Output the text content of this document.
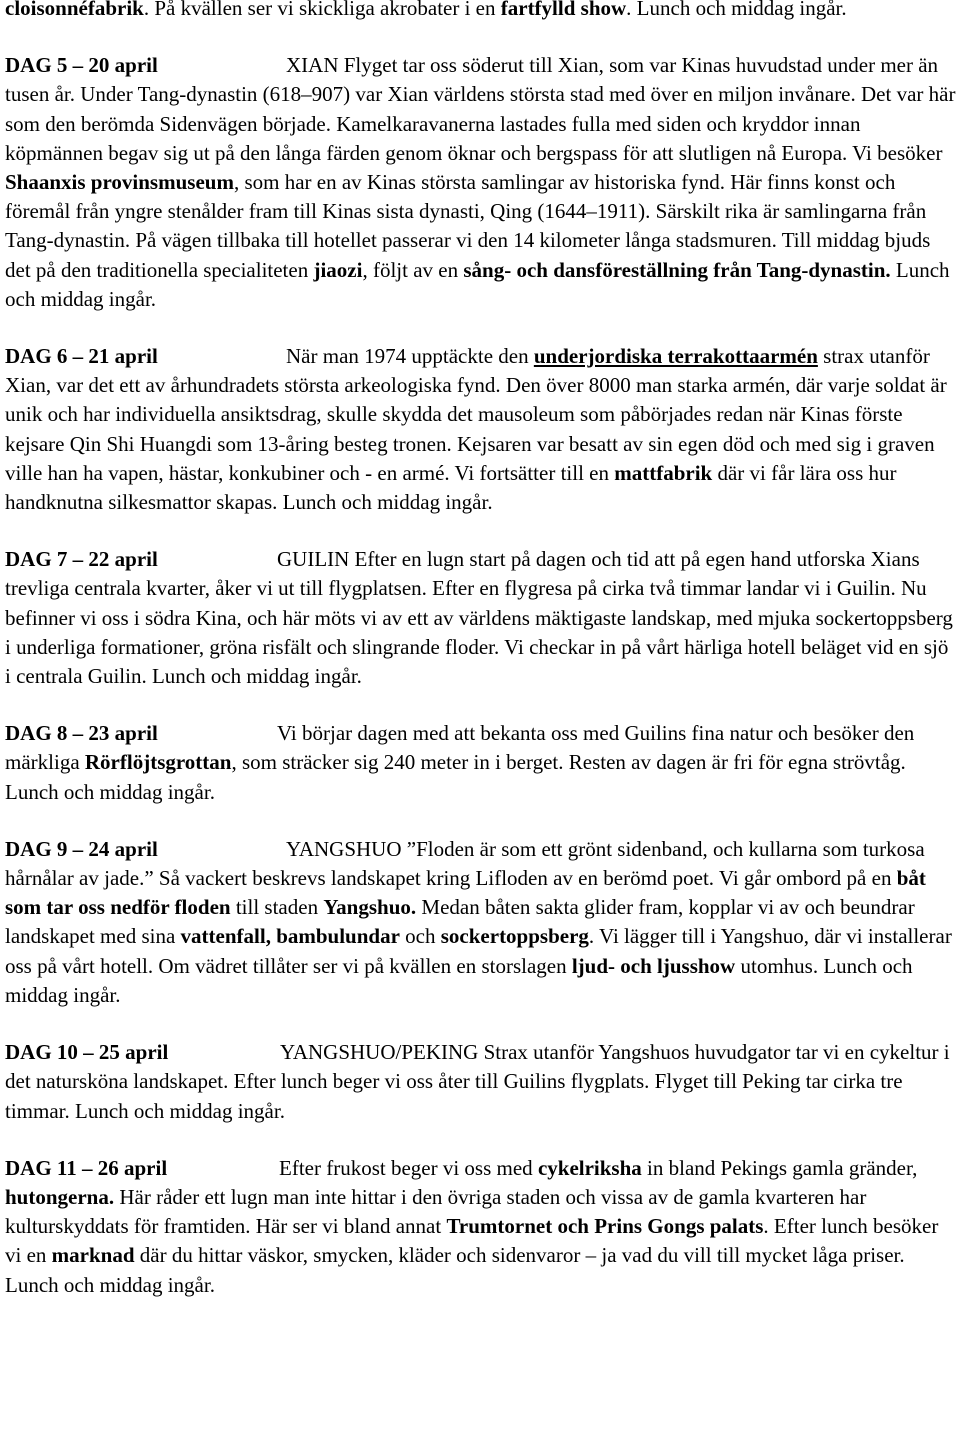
cloisonnéfabrik. På kvällen ser vi skickliga akrobater i en fartfylld show. Lunch och middag ingår.

DAG 5 – 20 april	XIAN Flyget tar oss söderut till Xian, som var Kinas huvudstad under mer än tusen år. Under Tang-dynastin (618–907) var Xian världens största stad med över en miljon invånare. Det var här som den berömda Sidenvägen började. Kamelkaravanerna lastades fulla med siden och kryddor innan köpmännen begav sig ut på den långa färden genom öknar och bergspass för att slutligen nå Europa. Vi besöker Shaanxis provinsmuseum, som har en av Kinas största samlingar av historiska fynd. Här finns konst och föremål från yngre stenålder fram till Kinas sista dynasti, Qing (1644–1911). Särskilt rika är samlingarna från Tang-dynastin. På vägen tillbaka till hotellet passerar vi den 14 kilometer långa stadsmuren. Till middag bjuds det på den traditionella specialiteten jiaozi, följt av en sång- och dansföreställning från Tang-dynastin. Lunch och middag ingår.

DAG 6 – 21 april	När man 1974 upptäckte den underjordiska terrakottaarmén strax utanför Xian, var det ett av århundradets största arkeologiska fynd. Den över 8000 man starka armén, där varje soldat är unik och har individuella ansiktsdrag, skulle skydda det mausoleum som påbörjades redan när Kinas förste kejsare Qin Shi Huangdi som 13-åring besteg tronen. Kejsaren var besatt av sin egen död och med sig i graven ville han ha vapen, hästar, konkubiner och - en armé. Vi fortsätter till en mattfabrik där vi får lära oss hur handknutna silkesmattor skapas. Lunch och middag ingår.

DAG 7 – 22 april	GUILIN Efter en lugn start på dagen och tid att på egen hand utforska Xians trevliga centrala kvarter, åker vi ut till flygplatsen. Efter en flygresa på cirka två timmar landar vi i Guilin. Nu befinner vi oss i södra Kina, och här möts vi av ett av världens mäktigaste landskap, med mjuka sockertoppsberg i underliga formationer, gröna risfält och slingrande floder. Vi checkar in på vårt härliga hotell beläget vid en sjö i centrala Guilin. Lunch och middag ingår.

DAG 8 – 23 april	Vi börjar dagen med att bekanta oss med Guilins fina natur och besöker den märkliga Rörflöjtsgrottan, som sträcker sig 240 meter in i berget. Resten av dagen är fri för egna strövtåg. Lunch och middag ingår.

DAG 9 – 24 april	YANGSHUO ”Floden är som ett grönt sidenband, och kullarna som turkosa hårnålar av jade.” Så vackert beskrevs landskapet kring Lifloden av en berömd poet. Vi går ombord på en båt som tar oss nedför floden till staden Yangshuo. Medan båten sakta glider fram, kopplar vi av och beundrar landskapet med sina vattenfall, bambulundar och sockertoppsberg. Vi lägger till i Yangshuo, där vi installerar oss på vårt hotell. Om vädret tillåter ser vi på kvällen en storslagen ljud- och ljusshow utomhus. Lunch och middag ingår.

DAG 10 – 25 april	YANGSHUO/PEKING Strax utanför Yangshuos huvudgator tar vi en cykeltur i det natursköna landskapet. Efter lunch beger vi oss åter till Guilins flygplats. Flyget till Peking tar cirka tre timmar. Lunch och middag ingår.

DAG 11 – 26 april	Efter frukost beger vi oss med cykelriksha in bland Pekings gamla gränder, hutongerna. Här råder ett lugn man inte hittar i den övriga staden och vissa av de gamla kvarteren har kulturskyddats för framtiden. Här ser vi bland annat Trumtornet och Prins Gongs palats. Efter lunch besöker vi en marknad där du hittar väskor, smycken, kläder och sidenvaror – ja vad du vill till mycket låga priser. Lunch och middag ingår.
